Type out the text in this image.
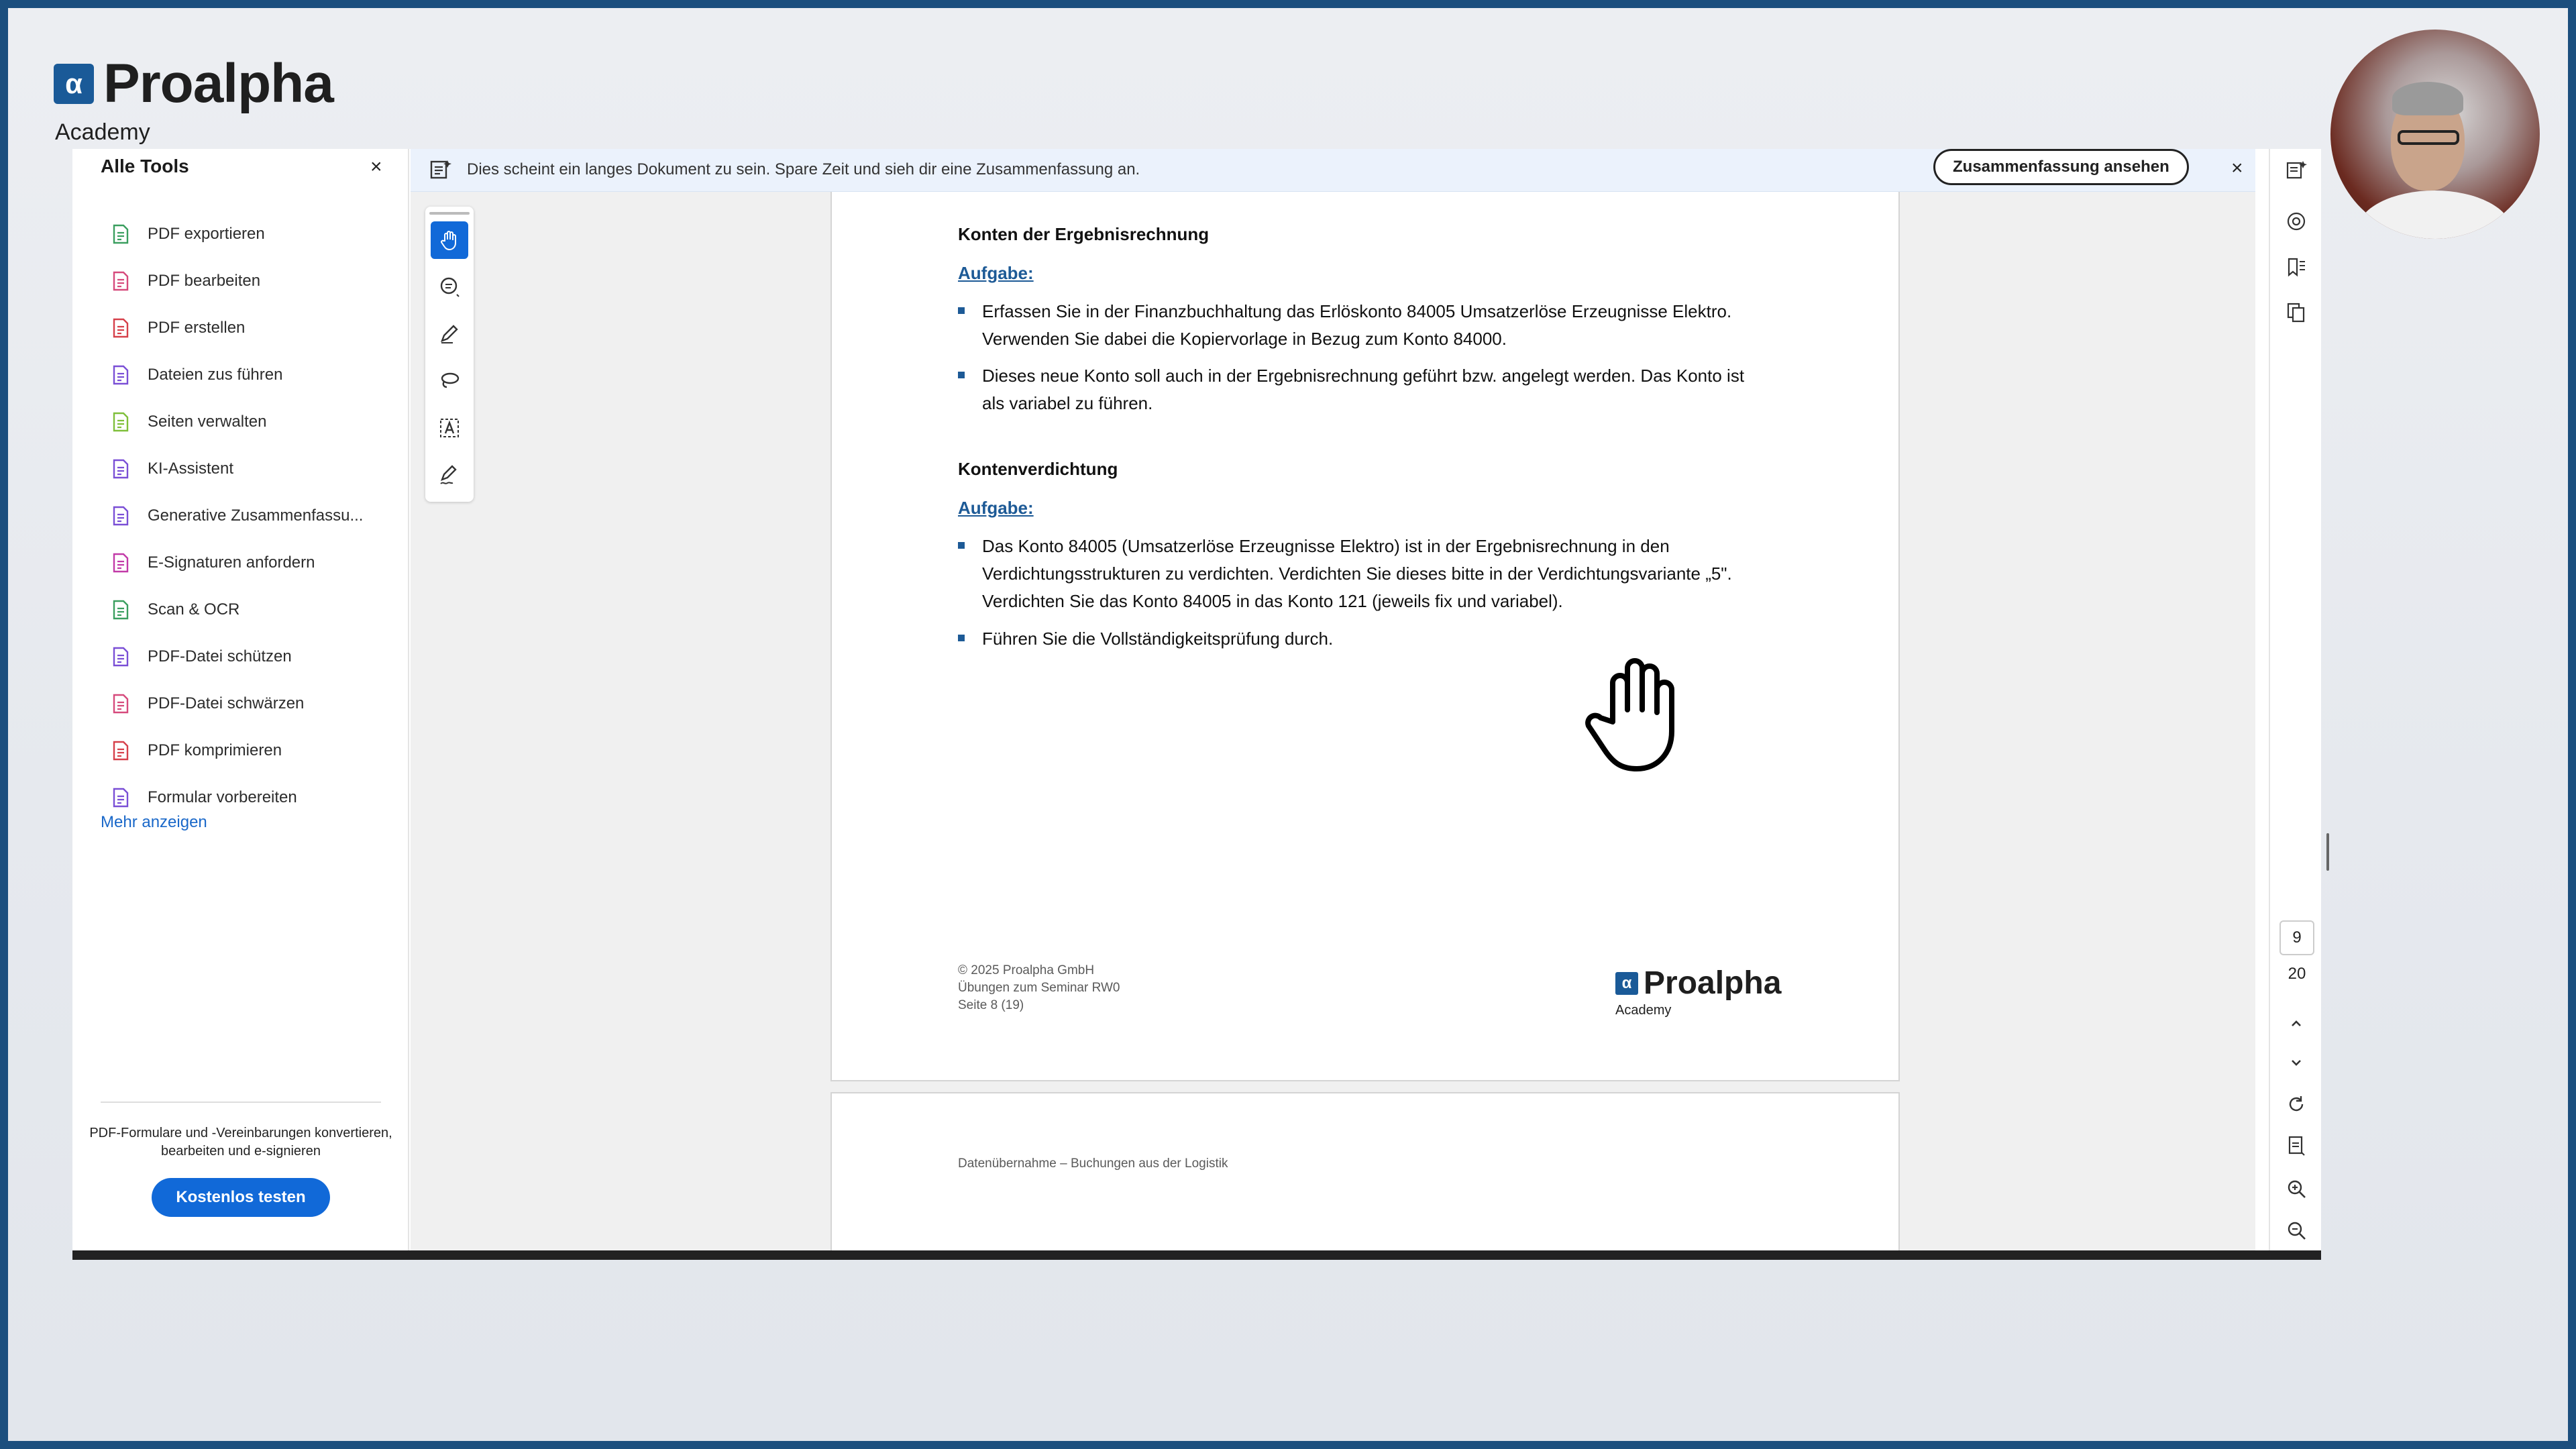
α Proalpha
Academy
Alle Tools	×
PDF exportieren
PDF bearbeiten
PDF erstellen
Dateien zus führen
Seiten verwalten
KI-Assistent
Generative Zusammenfassu...
E-Signaturen anfordern
Scan & OCR
PDF-Datei schützen
PDF-Datei schwärzen
PDF komprimieren
Formular vorbereiten
Mehr anzeigen
PDF-Formulare und -Vereinbarungen konvertieren, bearbeiten und e-signieren
Kostenlos testen
Dies scheint ein langes Dokument zu sein. Spare Zeit und sieh dir eine Zusammenfassung an.	Zusammenfassung ansehen	×
Konten der Ergebnisrechnung
Aufgabe:
Erfassen Sie in der Finanzbuchhaltung das Erlöskonto 84005 Umsatzerlöse Erzeugnisse Elektro. Verwenden Sie dabei die Kopiervorlage in Bezug zum Konto 84000.
Dieses neue Konto soll auch in der Ergebnisrechnung geführt bzw. angelegt werden. Das Konto ist als variabel zu führen.
Kontenverdichtung
Aufgabe:
Das Konto 84005 (Umsatzerlöse Erzeugnisse Elektro) ist in der Ergebnisrechnung in den Verdichtungsstrukturen zu verdichten. Verdichten Sie dieses bitte in der Verdichtungsvariante „5". Verdichten Sie das Konto 84005 in das Konto 121 (jeweils fix und variabel).
Führen Sie die Vollständigkeitsprüfung durch.
© 2025 Proalpha GmbH
Übungen zum Seminar RW0
Seite 8 (19)
α Proalpha
Academy
Datenübernahme – Buchungen aus der Logistik
9
20
